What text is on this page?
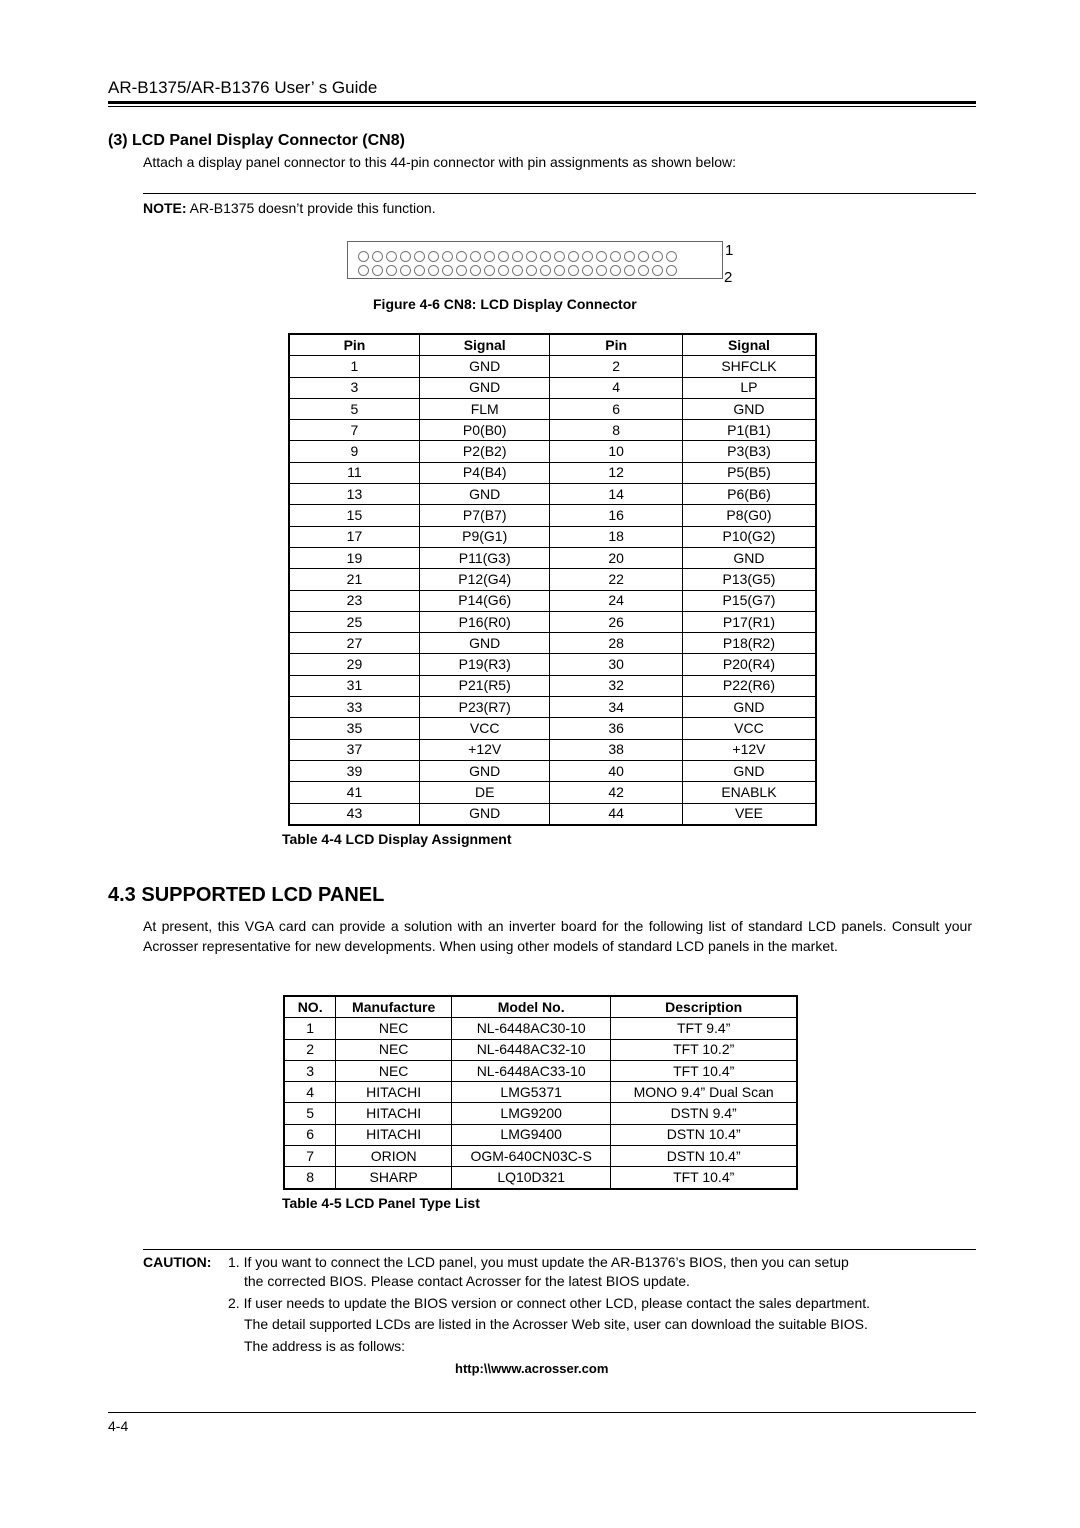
AR-B1375/AR-B1376 User’ s Guide
(3) LCD Panel Display Connector (CN8)
Attach a display panel connector to this 44-pin connector with pin assignments as shown below:
NOTE: AR-B1375 doesn’t provide this function.
1
2
Figure 4-6 CN8: LCD Display Connector
Pin	Signal	Pin	Signal
1	GND	2	SHFCLK
3	GND	4	LP
5	FLM	6	GND
7	P0(B0)	8	P1(B1)
9	P2(B2)	10	P3(B3)
11	P4(B4)	12	P5(B5)
13	GND	14	P6(B6)
15	P7(B7)	16	P8(G0)
17	P9(G1)	18	P10(G2)
19	P11(G3)	20	GND
21	P12(G4)	22	P13(G5)
23	P14(G6)	24	P15(G7)
25	P16(R0)	26	P17(R1)
27	GND	28	P18(R2)
29	P19(R3)	30	P20(R4)
31	P21(R5)	32	P22(R6)
33	P23(R7)	34	GND
35	VCC	36	VCC
37	+12V	38	+12V
39	GND	40	GND
41	DE	42	ENABLK
43	GND	44	VEE
Table 4-4 LCD Display Assignment
4.3 SUPPORTED LCD PANEL
At present, this VGA card can provide a solution with an inverter board for the following list of standard LCD panels. Consult your Acrosser representative for new developments. When using other models of standard LCD panels in the market.
NO.	Manufacture	Model No.	Description
1	NEC	NL-6448AC30-10	TFT 9.4”
2	NEC	NL-6448AC32-10	TFT 10.2”
3	NEC	NL-6448AC33-10	TFT 10.4”
4	HITACHI	LMG5371	MONO 9.4” Dual Scan
5	HITACHI	LMG9200	DSTN 9.4”
6	HITACHI	LMG9400	DSTN 10.4”
7	ORION	OGM-640CN03C-S	DSTN 10.4”
8	SHARP	LQ10D321	TFT 10.4”
Table 4-5 LCD Panel Type List
CAUTION: 1. If you want to connect the LCD panel, you must update the AR-B1376’s BIOS, then you can setup
the corrected BIOS. Please contact Acrosser for the latest BIOS update.
2. If user needs to update the BIOS version or connect other LCD, please contact the sales department.
The detail supported LCDs are listed in the Acrosser Web site, user can download the suitable BIOS.
The address is as follows:
http:\\www.acrosser.com
4-4
